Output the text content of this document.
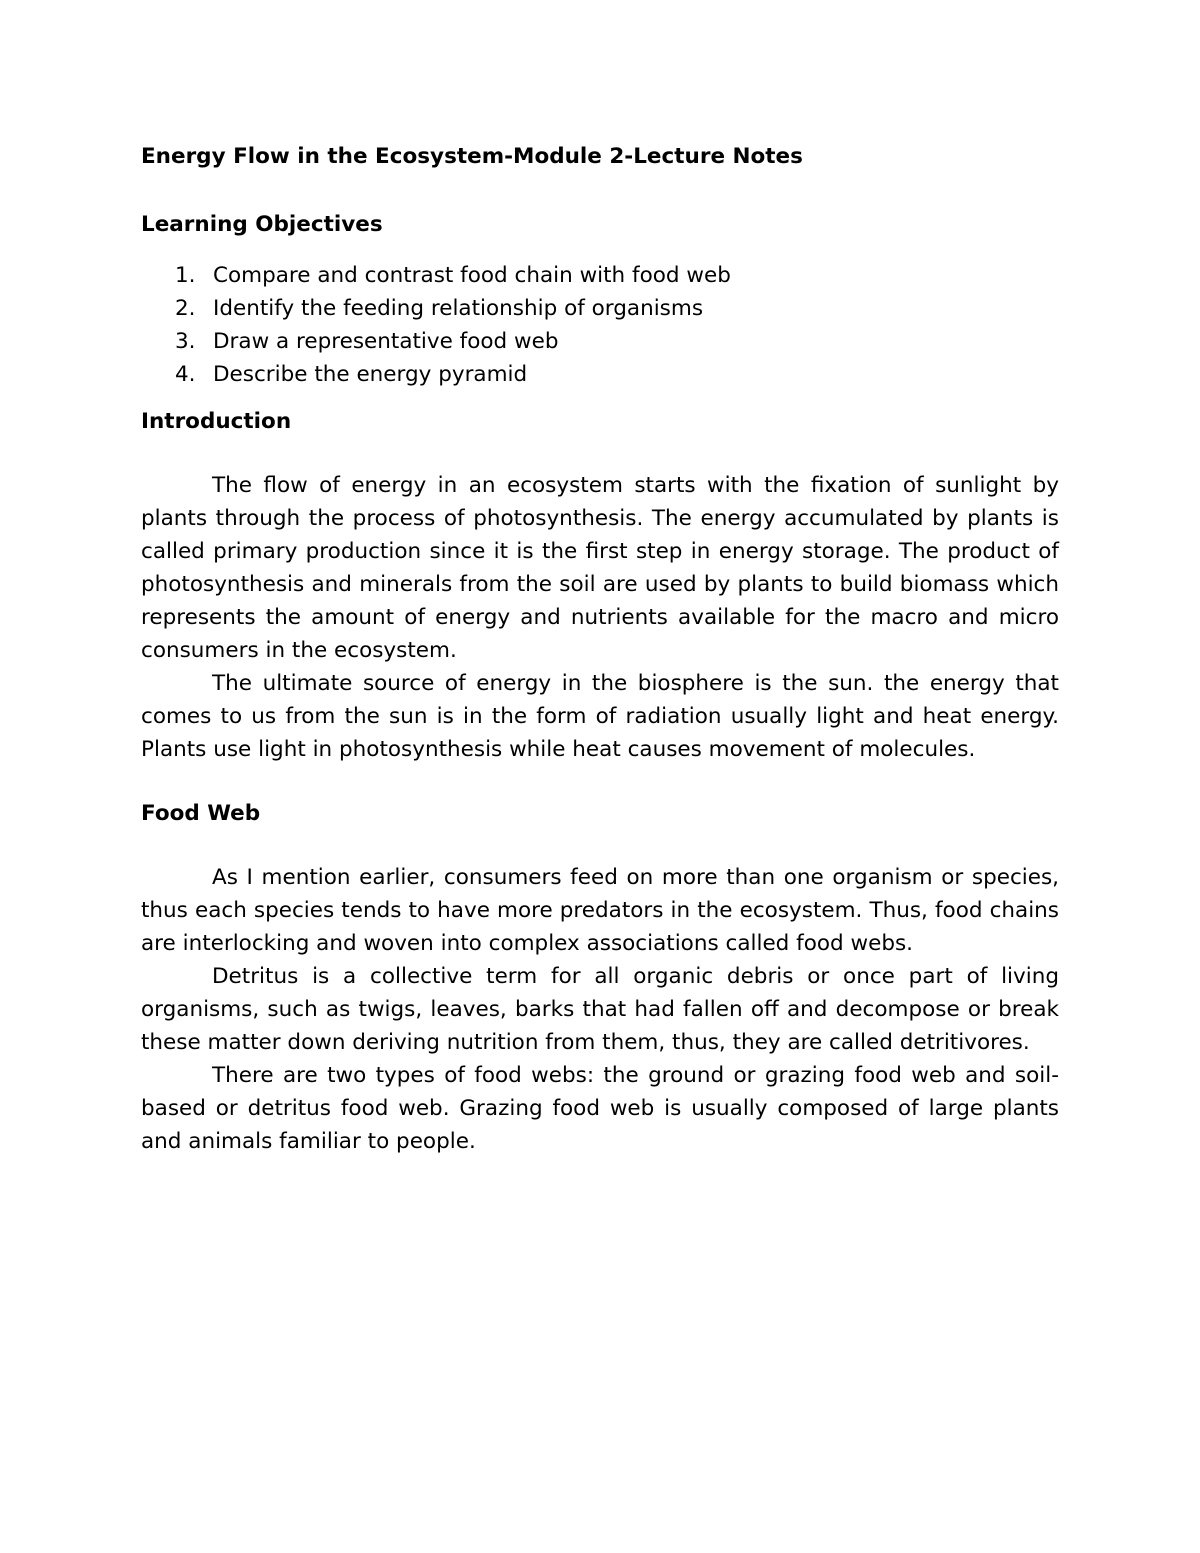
Energy Flow in the Ecosystem-Module 2-Lecture Notes
Learning Objectives
1. Compare and contrast food chain with food web
2. Identify the feeding relationship of organisms
3. Draw a representative food web
4. Describe the energy pyramid
Introduction

The flow of energy in an ecosystem starts with the fixation of sunlight by plants through the process of photosynthesis. The energy accumulated by plants is called primary production since it is the first step in energy storage. The product of photosynthesis and minerals from the soil are used by plants to build biomass which represents the amount of energy and nutrients available for the macro and micro consumers in the ecosystem.

The ultimate source of energy in the biosphere is the sun. the energy that comes to us from the sun is in the form of radiation usually light and heat energy. Plants use light in photosynthesis while heat causes movement of molecules.

Food Web

As I mention earlier, consumers feed on more than one organism or species, thus each species tends to have more predators in the ecosystem. Thus, food chains are interlocking and woven into complex associations called food webs.

Detritus is a collective term for all organic debris or once part of living organisms, such as twigs, leaves, barks that had fallen off and decompose or break these matter down deriving nutrition from them, thus, they are called detritivores.

There are two types of food webs: the ground or grazing food web and soil-based or detritus food web. Grazing food web is usually composed of large plants and animals familiar to people.
